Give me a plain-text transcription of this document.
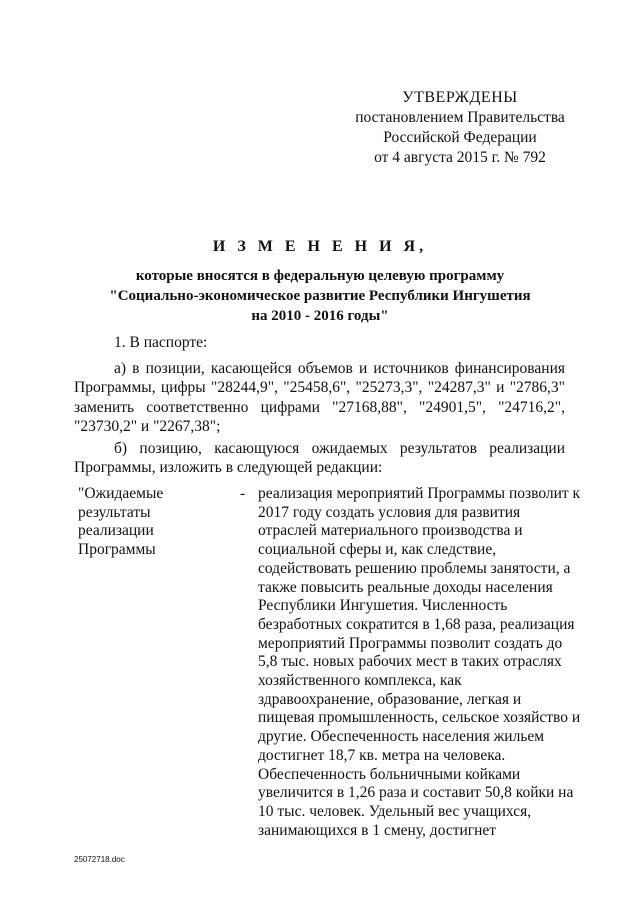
УТВЕРЖДЕНЫ
постановлением Правительства
Российской Федерации
от 4 августа 2015 г. № 792
И З М Е Н Е Н И Я,
которые вносятся в федеральную целевую программу
"Социально-экономическое развитие Республики Ингушетия
на 2010 - 2016 годы"

1. В паспорте:

а) в позиции, касающейся объемов и источников финансирования Программы, цифры "28244,9", "25458,6", "25273,3", "24287,3" и "2786,3" заменить соответственно цифрами "27168,88", "24901,5", "24716,2", "23730,2" и "2267,38";

б) позицию, касающуюся ожидаемых результатов реализации Программы, изложить в следующей редакции:

"Ожидаемые
результаты
реализации
Программы
- реализация мероприятий Программы позволит к
2017 году создать условия для развития
отраслей материального производства и
социальной сферы и, как следствие,
содействовать решению проблемы занятости, а
также повысить реальные доходы населения
Республики Ингушетия. Численность
безработных сократится в 1,68 раза, реализация
мероприятий Программы позволит создать до
5,8 тыс. новых рабочих мест в таких отраслях
хозяйственного комплекса, как
здравоохранение, образование, легкая и
пищевая промышленность, сельское хозяйство и
другие. Обеспеченность населения жильем
достигнет 18,7 кв. метра на человека.
Обеспеченность больничными койками
увеличится в 1,26 раза и составит 50,8 койки на
10 тыс. человек. Удельный вес учащихся,
занимающихся в 1 смену, достигнет
25072718.doc
